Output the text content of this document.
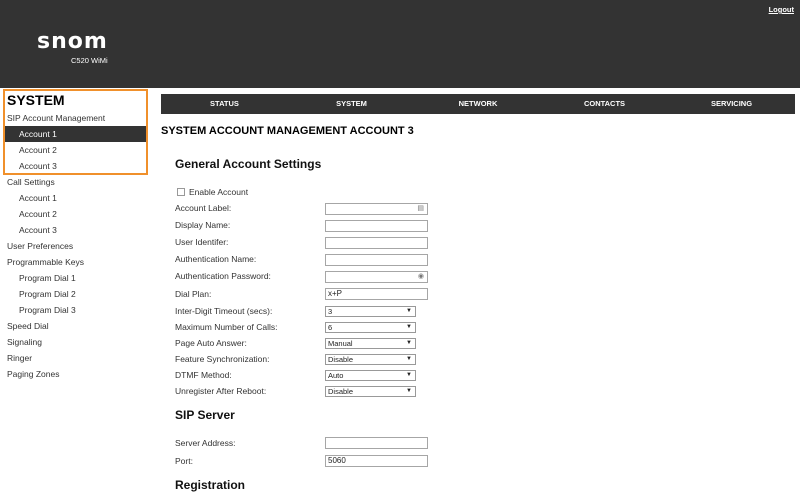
Logout
snom
C520 WiMi
SYSTEM
SIP Account Management
Account 1
Account 2
Account 3
Call Settings
Account 1
Account 2
Account 3
User Preferences
Programmable Keys
Program Dial 1
Program Dial 2
Program Dial 3
Speed Dial
Signaling
Ringer
Paging Zones
STATUS	SYSTEM	NETWORK	CONTACTS	SERVICING
SYSTEM ACCOUNT MANAGEMENT ACCOUNT 3
General Account Settings
Enable Account
Account Label:	▤
Display Name:
User Identifer:
Authentication Name:
Authentication Password:	◉
Dial Plan:	x+P
Inter-Digit Timeout (secs):	3	▼
Maximum Number of Calls:	6	▼
Page Auto Answer:	Manual	▼
Feature Synchronization:	Disable	▼
DTMF Method:	Auto	▼
Unregister After Reboot:	Disable	▼
SIP Server
Server Address:
Port:	5060
Registration
